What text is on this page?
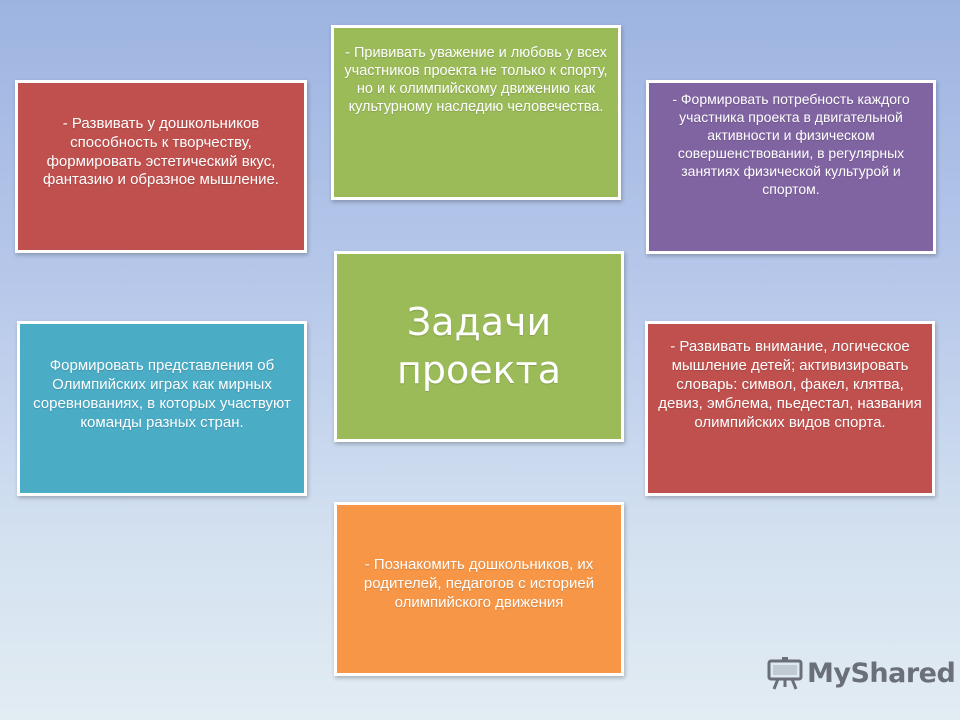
- Развивать у дошкольников способность к творчеству, формировать эстетический вкус, фантазию и образное мышление.
- Прививать уважение и любовь у всех участников проекта не только к спорту, но и к олимпийскому движению как культурному наследию человечества.
- Формировать потребность каждого участника проекта в двигательной активности и физическом совершенствовании, в регулярных занятиях физической культурой и спортом.
Задачи проекта
Формировать представления об Олимпийских играх как мирных соревнованиях, в которых участвуют команды разных стран.
- Развивать внимание, логическое мышление детей; активизировать словарь: символ, факел, клятва, девиз, эмблема, пьедестал, названия олимпийских видов спорта.
- Познакомить дошкольников, их родителей, педагогов с историей олимпийского движения
MyShared
